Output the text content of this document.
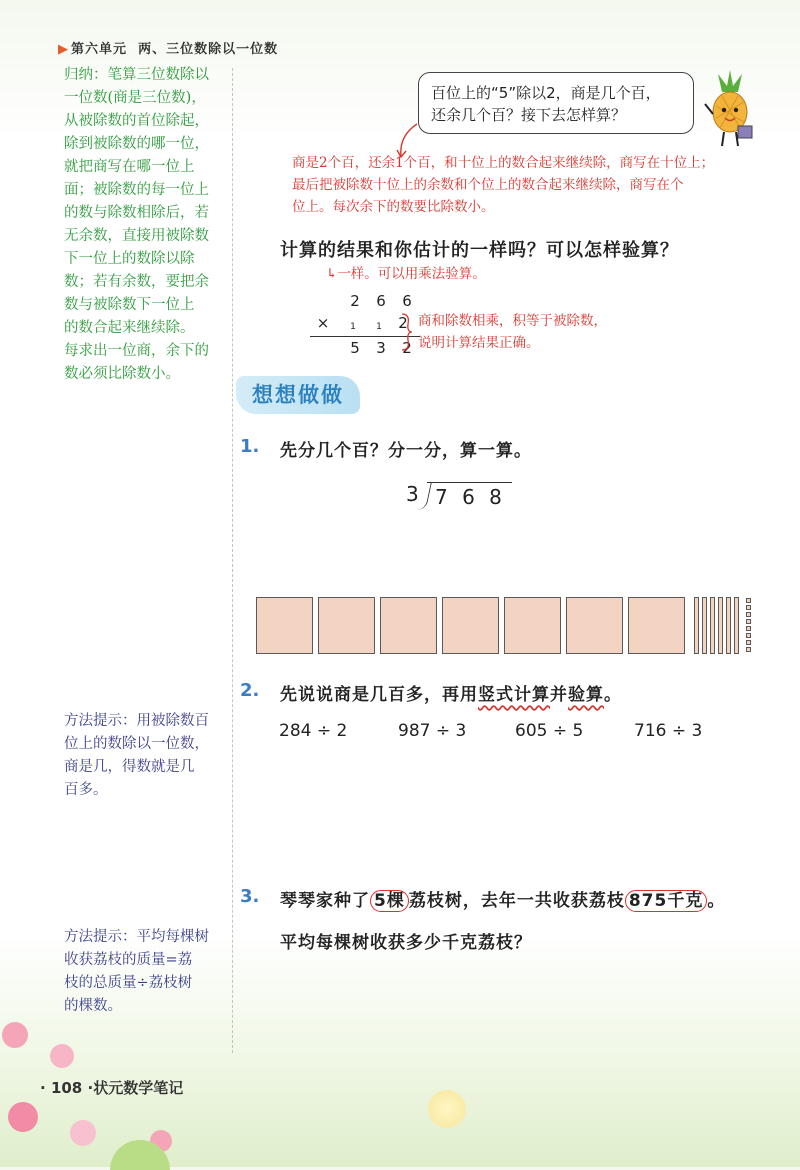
▶ 第六单元 两、三位数除以一位数
归纳：笔算三位数除以
一位数(商是三位数)，
从被除数的首位除起，
除到被除数的哪一位，
就把商写在哪一位上
面；被除数的每一位上
的数与除数相除后，若
无余数，直接用被除数
下一位上的数除以除
数；若有余数，要把余
数与被除数下一位上
的数合起来继续除。
每求出一位商，余下的
数必须比除数小。
方法提示：用被除数百
位上的数除以一位数，
商是几，得数就是几
百多。
方法提示：平均每棵树
收获荔枝的质量=荔
枝的总质量÷荔枝树
的棵数。
百位上的“5”除以2，商是几个百，
还余几个百？接下去怎样算？
商是2个百，还余1个百，和十位上的数合起来继续除，商写在十位上；
最后把被除数十位上的余数和个位上的数合起来继续除，商写在个
位上。每次余下的数要比除数小。
计算的结果和你估计的一样吗？可以怎样验算？
↳一样。可以用乘法验算。
2	6	6
×	1	1	2
5	3	2
商和除数相乘，积等于被除数，
说明计算结果正确。
想想做做
1. 先分几个百？分一分，算一算。
3 7 6 8
2. 先说说商是几百多，再用竖式计算并验算。
284 ÷ 2	987 ÷ 3	605 ÷ 5	716 ÷ 3
3. 琴琴家种了 5棵 荔枝树，去年一共收获荔枝 875千克 。
平均每棵树收获多少千克荔枝？
· 108 ·状元数学笔记
